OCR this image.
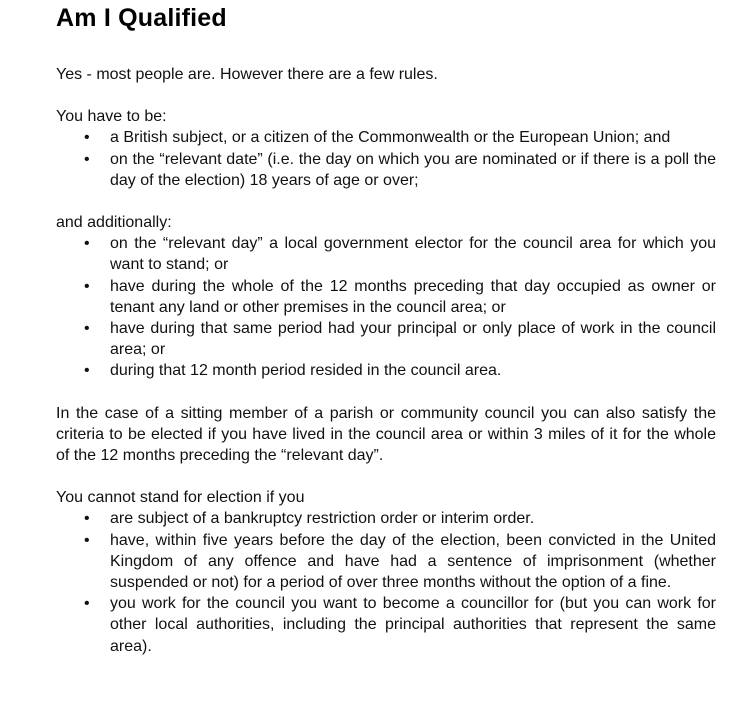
Am I Qualified

Yes - most people are. However there are a few rules.

You have to be:

• a British subject, or a citizen of the Commonwealth or the European Union; and
• on the “relevant date” (i.e. the day on which you are nominated or if there is a poll the day of the election) 18 years of age or over;

and additionally:

• on the “relevant day” a local government elector for the council area for which you want to stand; or
• have during the whole of the 12 months preceding that day occupied as owner or tenant any land or other premises in the council area; or
• have during that same period had your principal or only place of work in the council area; or
• during that 12 month period resided in the council area.

In the case of a sitting member of a parish or community council you can also satisfy the criteria to be elected if you have lived in the council area or within 3 miles of it for the whole of the 12 months preceding the “relevant day”.

You cannot stand for election if you

• are subject of a bankruptcy restriction order or interim order.
• have, within five years before the day of the election, been convicted in the United Kingdom of any offence and have had a sentence of imprisonment (whether suspended or not) for a period of over three months without the option of a fine.
• you work for the council you want to become a councillor for (but you can work for other local authorities, including the principal authorities that represent the same area).
